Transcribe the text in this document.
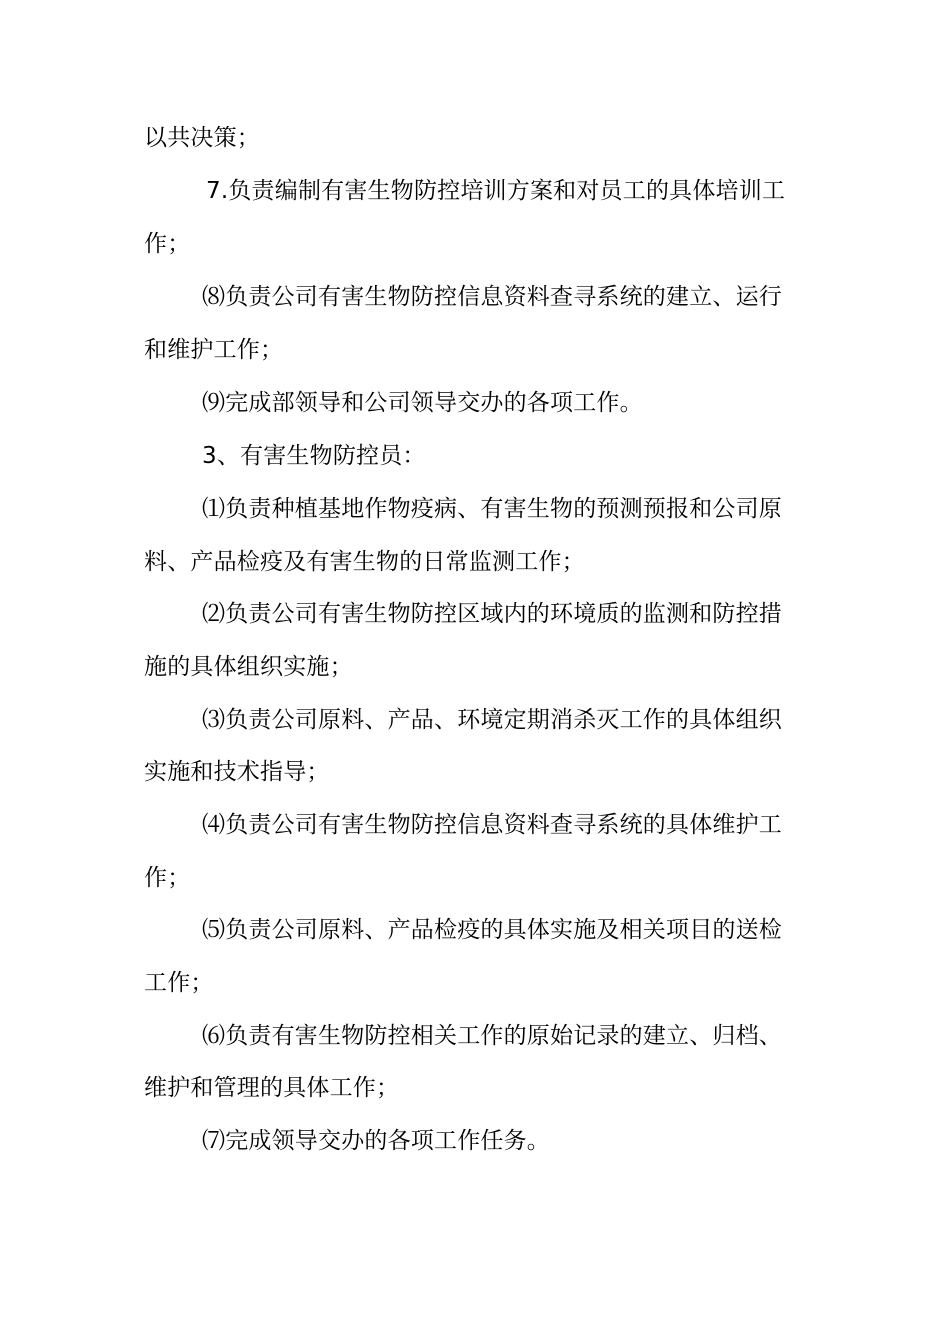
以共决策；
7.负责编制有害生物防控培训方案和对员工的具体培训工
作；
⑻负责公司有害生物防控信息资料查寻系统的建立、运行
和维护工作；
⑼完成部领导和公司领导交办的各项工作。
3、有害生物防控员：
⑴负责种植基地作物疫病、有害生物的预测预报和公司原
料、产品检疫及有害生物的日常监测工作；
⑵负责公司有害生物防控区域内的环境质的监测和防控措
施的具体组织实施；
⑶负责公司原料、产品、环境定期消杀灭工作的具体组织
实施和技术指导；
⑷负责公司有害生物防控信息资料查寻系统的具体维护工
作；
⑸负责公司原料、产品检疫的具体实施及相关项目的送检
工作；
⑹负责有害生物防控相关工作的原始记录的建立、归档、
维护和管理的具体工作；
⑺完成领导交办的各项工作任务。
